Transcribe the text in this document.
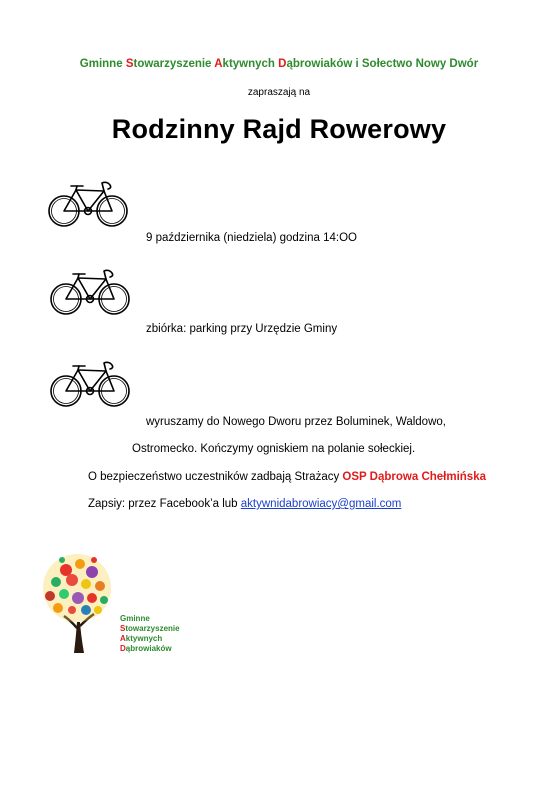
Gminne Stowarzyszenie Aktywnych Dąbrowiaków i Sołectwo Nowy Dwór
zapraszają na
Rodzinny Rajd Rowerowy
9 października (niedziela) godzina 14:OO
zbiórka: parking przy Urzędzie Gminy
wyruszamy do Nowego Dworu przez Boluminek, Waldowo,
Ostromecko. Kończymy ogniskiem na polanie sołeckiej.
O bezpieczeństwo uczestników zadbają Strażacy OSP Dąbrowa Chełmińska
Zapsiy: przez Facebook’a lub aktywnidabrowiacy@gmail.com
Gminne
Stowarzyszenie
Aktywnych
Dąbrowiaków
